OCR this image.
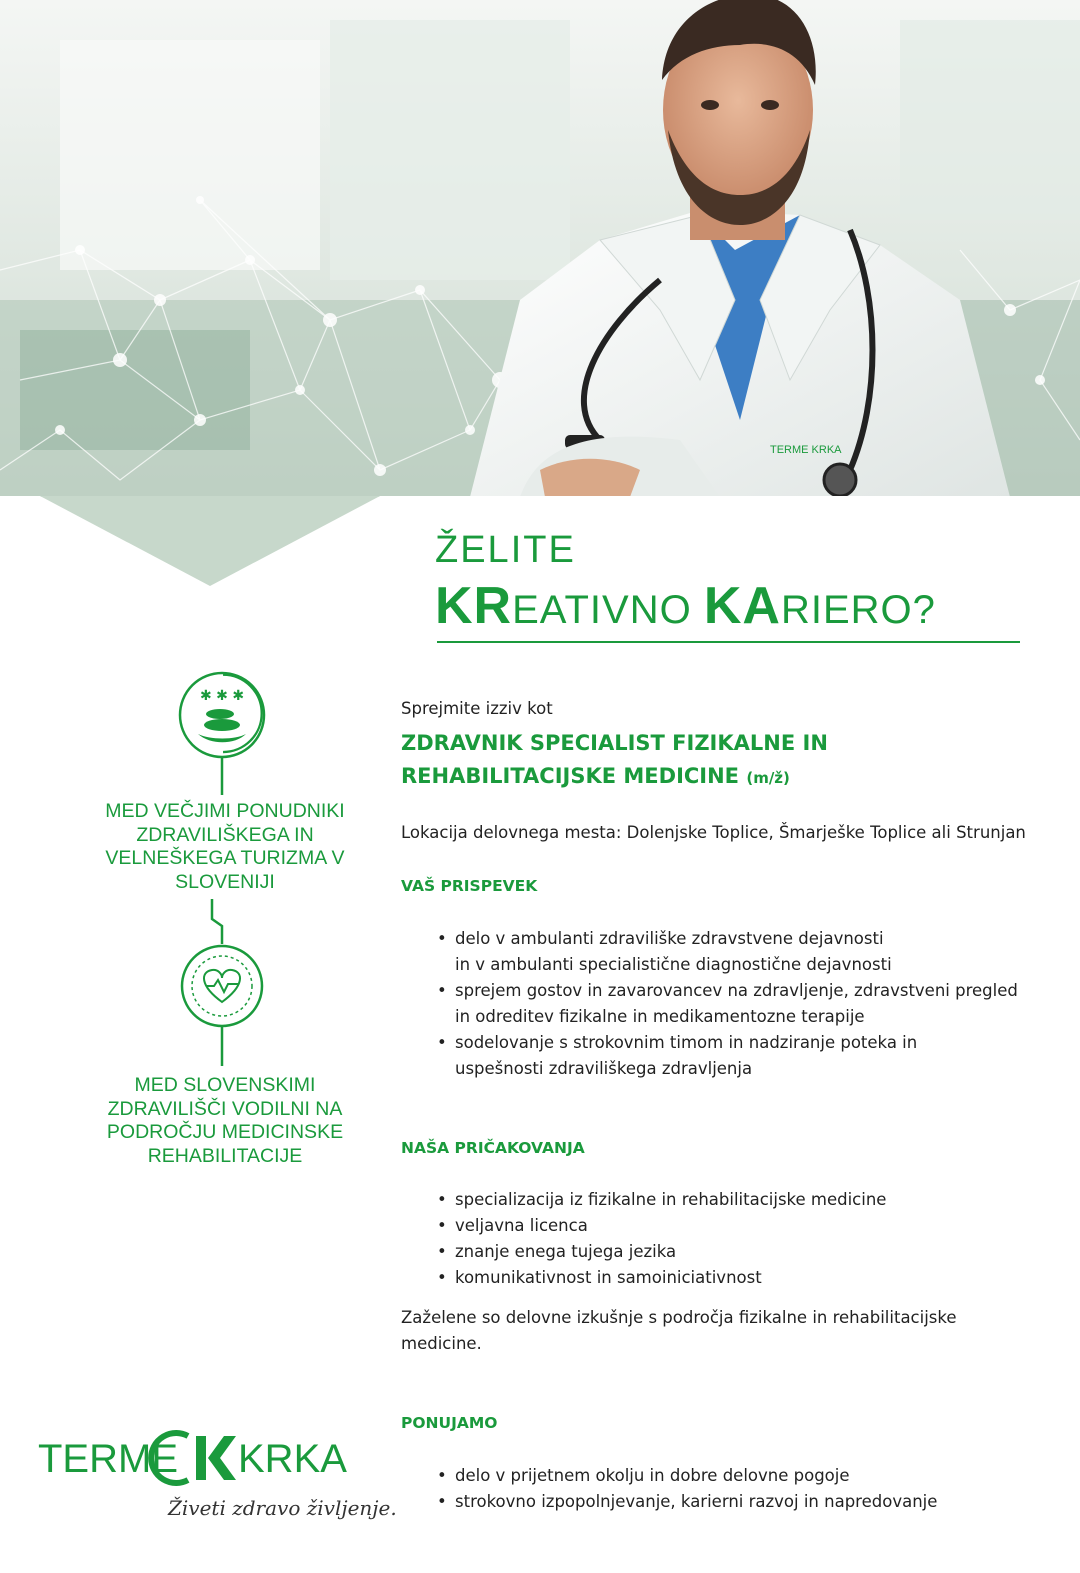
TERME KRKA
ŽELITE
KREATIVNO KARIERO?
✱ ✱ ✱
MED VEČJIMI PONUDNIKI ZDRAVILIŠKEGA IN VELNEŠKEGA TURIZMA V SLOVENIJI
MED SLOVENSKIMI ZDRAVILIŠČI VODILNI NA PODROČJU MEDICINSKE REHABILITACIJE
Sprejmite izziv kot
ZDRAVNIK SPECIALIST FIZIKALNE IN
REHABILITACIJSKE MEDICINE (m/ž)
Lokacija delovnega mesta: Dolenjske Toplice, Šmarješke Toplice ali Strunjan
VAŠ PRISPEVEK
• delo v ambulanti zdraviliške zdravstvene dejavnosti
in v ambulanti specialistične diagnostične dejavnosti
• sprejem gostov in zavarovancev na zdravljenje, zdravstveni pregled
in odreditev fizikalne in medikamentozne terapije
• sodelovanje s strokovnim timom in nadziranje poteka in
uspešnosti zdraviliškega zdravljenja
NAŠA PRIČAKOVANJA
• specializacija iz fizikalne in rehabilitacijske medicine
• veljavna licenca
• znanje enega tujega jezika
• komunikativnost in samoiniciativnost
Zaželene so delovne izkušnje s področja fizikalne in rehabilitacijske
medicine.
PONUJAMO
• delo v prijetnem okolju in dobre delovne pogoje
• strokovno izpopolnjevanje, karierni razvoj in napredovanje
TERME KRKA
Živeti zdravo življenje.
